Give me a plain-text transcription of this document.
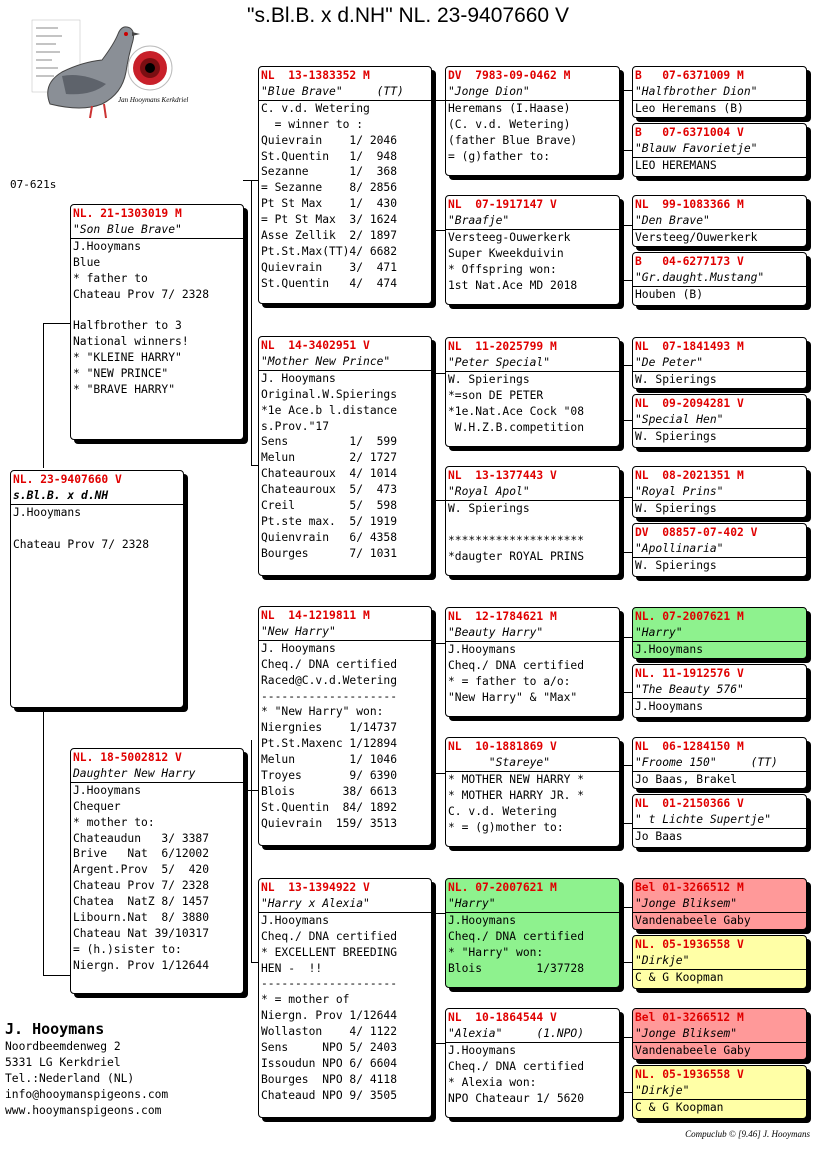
"s.Bl.B. x d.NH" NL. 23-9407660 V
Jan Hooymans Kerkdriel
07-621s
NL. 23-9407660 V
s.Bl.B. x d.NH
J.Hooymans

Chateau Prov 7/ 2328
NL. 21-1303019 M
"Son Blue Brave"
J.Hooymans
Blue
* father to
Chateau Prov 7/ 2328

Halfbrother to 3
National winners!
* "KLEINE HARRY"
* "NEW PRINCE"
* "BRAVE HARRY"
NL. 18-5002812 V
Daughter New Harry
J.Hooymans
Chequer
* mother to:
Chateaudun   3/ 3387
Brive   Nat  6/12002
Argent.Prov  5/  420
Chateau Prov 7/ 2328
Chatea  NatZ 8/ 1457
Libourn.Nat  8/ 3880
Chateau Nat 39/10317
= (h.)sister to:
Niergn. Prov 1/12644
NL  13-1383352 M
"Blue Brave"     (TT)
C. v.d. Wetering
= winner to :
Quievrain    1/ 2046
St.Quentin   1/  948
Sezanne      1/  368
= Sezanne    8/ 2856
Pt St Max    1/  430
= Pt St Max  3/ 1624
Asse Zellik  2/ 1897
Pt.St.Max(TT)4/ 6682
Quievrain    3/  471
St.Quentin   4/  474
NL  14-3402951 V
"Mother New Prince"
J. Hooymans
Original.W.Spierings
*1e Ace.b l.distance
s.Prov."17
Sens         1/  599
Melun        2/ 1727
Chateauroux  4/ 1014
Chateauroux  5/  473
Creil        5/  598
Pt.ste max.  5/ 1919
Quienvrain   6/ 4358
Bourges      7/ 1031
NL  14-1219811 M
"New Harry"
J. Hooymans
Cheq./ DNA certified
Raced@C.v.d.Wetering
--------------------
* "New Harry" won:
Niergnies    1/14737
Pt.St.Maxenc 1/12894
Melun        1/ 1046
Troyes       9/ 6390
Blois       38/ 6613
St.Quentin  84/ 1892
Quievrain  159/ 3513
NL  13-1394922 V
"Harry x Alexia"
J.Hooymans
Cheq./ DNA certified
* EXCELLENT BREEDING
HEN -  !!
--------------------
* = mother of
Niergn. Prov 1/12644
Wollaston    4/ 1122
Sens     NPO 5/ 2403
Issoudun NPO 6/ 6604
Bourges  NPO 8/ 4118
Chateaud NPO 9/ 3505
DV  7983-09-0462 M
"Jonge Dion"
Heremans (I.Haase)
(C. v.d. Wetering)
(father Blue Brave)
= (g)father to:
NL  07-1917147 V
"Braafje"
Versteeg-Ouwerkerk
Super Kweekduivin
* Offspring won:
1st Nat.Ace MD 2018
NL  11-2025799 M
"Peter Special"
W. Spierings
*=son DE PETER
*1e.Nat.Ace Cock "08
W.H.Z.B.competition
NL  13-1377443 V
"Royal Apol"
W. Spierings

********************
*daugter ROYAL PRINS
NL  12-1784621 M
"Beauty Harry"
J.Hooymans
Cheq./ DNA certified
* = father to a/o:
"New Harry" & "Max"
NL  10-1881869 V
"Stareye"
* MOTHER NEW HARRY *
* MOTHER HARRY JR. *
C. v.d. Wetering
* = (g)mother to:
NL. 07-2007621 M
"Harry"
J.Hooymans
Cheq./ DNA certified
* "Harry" won:
Blois        1/37728
NL  10-1864544 V
"Alexia"     (1.NPO)
J.Hooymans
Cheq./ DNA certified
* Alexia won:
NPO Chateaur 1/ 5620
B   07-6371009 M
"Halfbrother Dion"
Leo Heremans (B)
B   07-6371004 V
"Blauw Favorietje"
LEO HEREMANS
NL  99-1083366 M
"Den Brave"
Versteeg/Ouwerkerk
B   04-6277173 V
"Gr.daught.Mustang"
Houben (B)
NL  07-1841493 M
"De Peter"
W. Spierings
NL  09-2094281 V
"Special Hen"
W. Spierings
NL  08-2021351 M
"Royal Prins"
W. Spierings
DV  08857-07-402 V
"Apollinaria"
W. Spierings
NL. 07-2007621 M
"Harry"
J.Hooymans
NL. 11-1912576 V
"The Beauty 576"
J.Hooymans
NL  06-1284150 M
"Froome 150"     (TT)
Jo Baas, Brakel
NL  01-2150366 V
" t Lichte Supertje"
Jo Baas
Bel 01-3266512 M
"Jonge Bliksem"
Vandenabeele Gaby
NL. 05-1936558 V
"Dirkje"
C & G Koopman
Bel 01-3266512 M
"Jonge Bliksem"
Vandenabeele Gaby
NL. 05-1936558 V
"Dirkje"
C & G Koopman
J. Hooymans
Noordbeemdenweg 2
5331 LG Kerkdriel
Tel.:Nederland (NL)
info@hooymanspigeons.com
www.hooymanspigeons.com
Compuclub © [9.46] J. Hooymans
